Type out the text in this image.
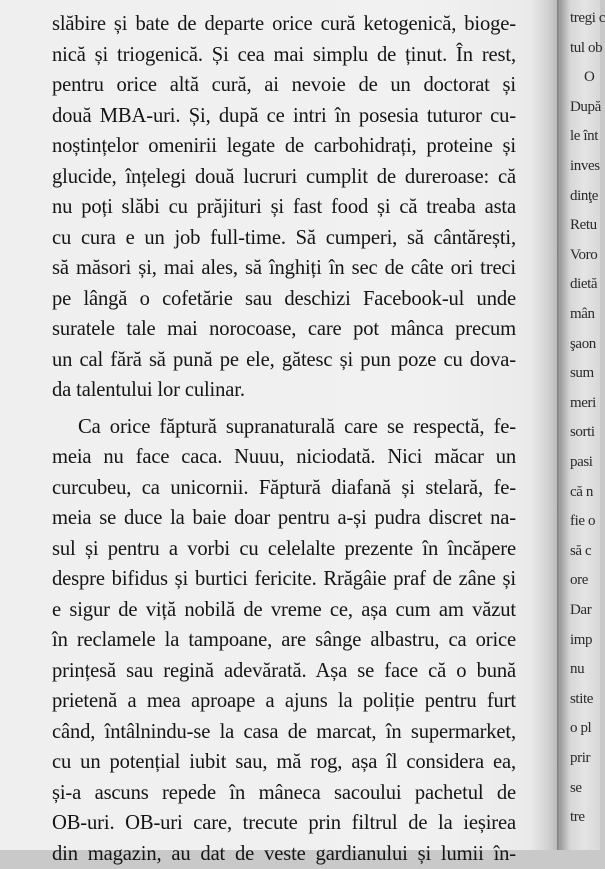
slăbire și bate de departe orice cură ketogenică, bioge-
nică și triogenică. Și cea mai simplu de ținut. În rest,
pentru orice altă cură, ai nevoie de un doctorat și
două MBA-uri. Și, după ce intri în posesia tuturor cu-
noștințelor omenirii legate de carbohidrați, proteine și
glucide, înțelegi două lucruri cumplit de dureroase: că
nu poți slăbi cu prăjituri și fast food și că treaba asta
cu cura e un job full-time. Să cumperi, să cântărești,
să măsori și, mai ales, să înghiți în sec de câte ori treci
pe lângă o cofetărie sau deschizi Facebook-ul unde
suratele tale mai norocoase, care pot mânca precum
un cal fără să pună pe ele, gătesc și pun poze cu dova-
da talentului lor culinar.
Ca orice făptură supranaturală care se respectă, fe-
meia nu face caca. Nuuu, niciodată. Nici măcar un
curcubeu, ca unicornii. Făptură diafană și stelară, fe-
meia se duce la baie doar pentru a-și pudra discret na-
sul și pentru a vorbi cu celelalte prezente în încăpere
despre bifidus și burtici fericite. Rrăgâie praf de zâne și
e sigur de viță nobilă de vreme ce, așa cum am văzut
în reclamele la tampoane, are sânge albastru, ca orice
prințesă sau regină adevărată. Așa se face că o bună
prietenă a mea aproape a ajuns la poliție pentru furt
când, întâlnindu-se la casa de marcat, în supermarket,
cu un potențial iubit sau, mă rog, așa îl considera ea,
și-a ascuns repede în mâneca sacoului pachetul de
OB-uri. OB-uri care, trecute prin filtrul de la ieșirea
din magazin, au dat de veste gardianului și lumii în-
tregi c
tul ob
O
După
le înt
inves
dinţe
Retu
Voro
dietă
mân
şaon
sum
meri
sorti
pasi
că n
fie o
să c
ore
Dar
imp
nu
stite
o pl
prir
se
tre
